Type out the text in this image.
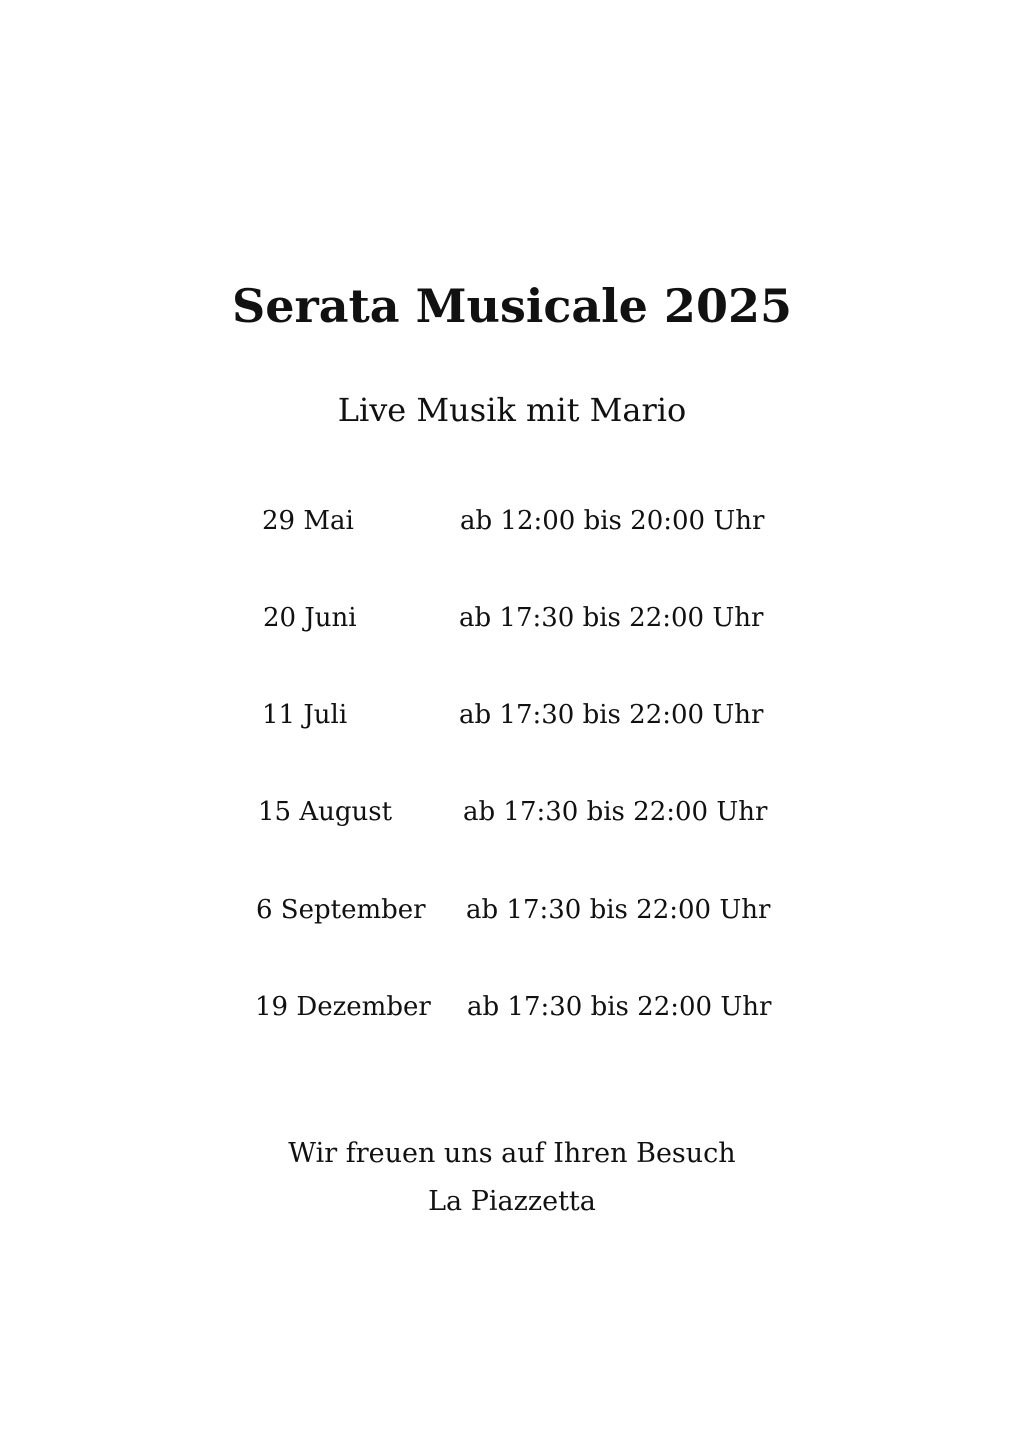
Serata Musicale 2025
Live Musik mit Mario
29 Mai	ab 12:00 bis 20:00 Uhr
20 Juni	ab 17:30 bis 22:00 Uhr
11 Juli	ab 17:30 bis 22:00 Uhr
15 August	ab 17:30 bis 22:00 Uhr
6 September ab 17:30 bis 22:00 Uhr
19 Dezember ab 17:30 bis 22:00 Uhr
Wir freuen uns auf Ihren Besuch
La Piazzetta
